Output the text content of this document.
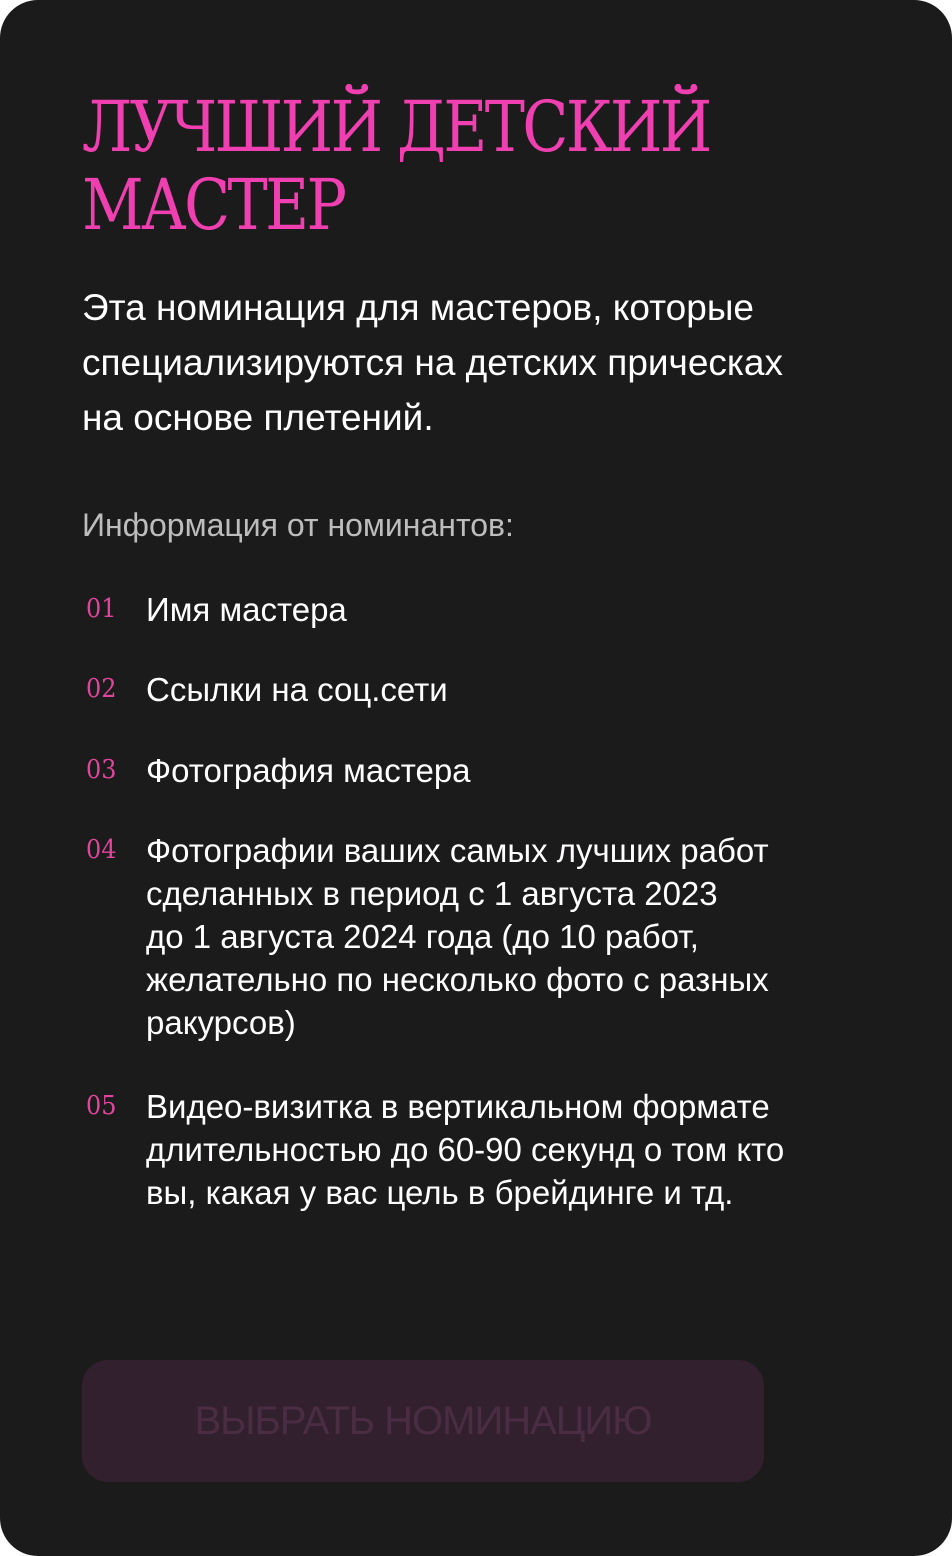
ЛУЧШИЙ ДЕТСКИЙ
МАСТЕР

Эта номинация для мастеров, которые
специализируются на детских прическах
на основе плетений.

Информация от номинантов:

01 Имя мастера
02 Ссылки на соц.сети
03 Фотография мастера
04 Фотографии ваших самых лучших работ
сделанных в период с 1 августа 2023
до 1 августа 2024 года (до 10 работ,
желательно по несколько фото с разных
ракурсов)
05 Видео-визитка в вертикальном формате
длительностью до 60-90 секунд о том кто
вы, какая у вас цель в брейдинге и тд.
ВЫБРАТЬ НОМИНАЦИЮ
